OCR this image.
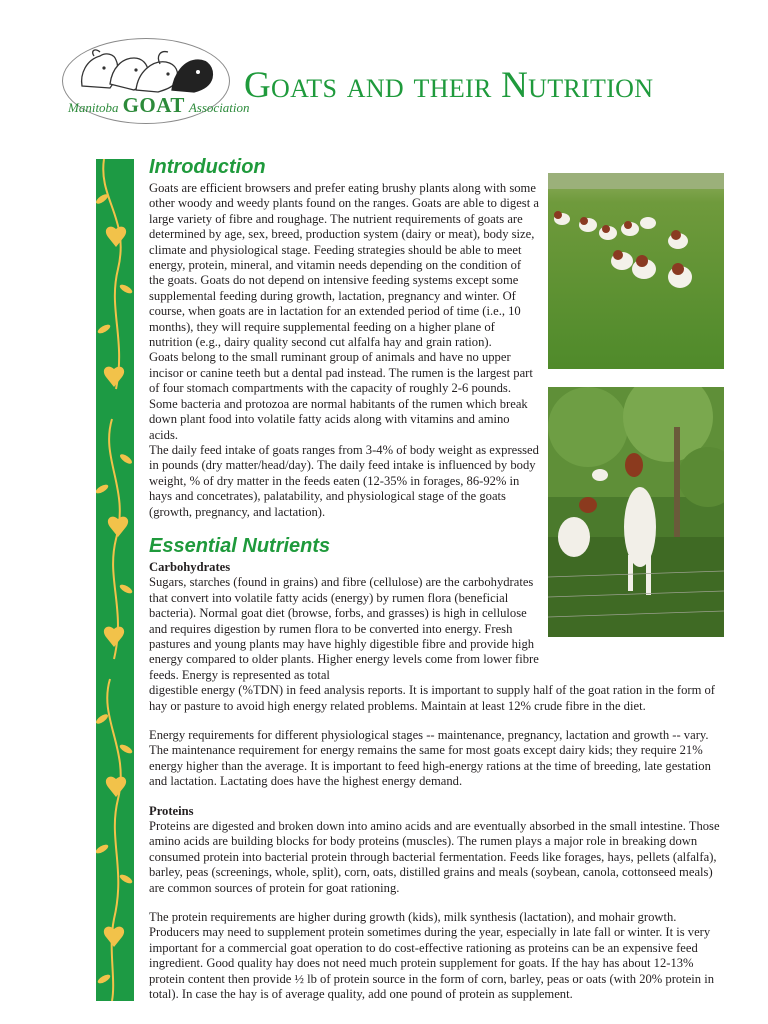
Manitoba GOAT Association
Goats and their Nutrition
Introduction

Goats are efficient browsers and prefer eating brushy plants along with some other woody and weedy plants found on the ranges. Goats are able to digest a large variety of fibre and roughage. The nutrient requirements of goats are determined by age, sex, breed, production system (dairy or meat), body size, climate and physiological stage. Feeding strategies should be able to meet energy, protein, mineral, and vitamin needs depending on the condition of the goats. Goats do not depend on intensive feeding systems except some supplemental feeding during growth, lactation, pregnancy and winter. Of course, when goats are in lactation for an extended period of time (i.e., 10 months), they will require supplemental feeding on a higher plane of nutrition (e.g., dairy quality second cut alfalfa hay and grain ration).

Goats belong to the small ruminant group of animals and have no upper incisor or canine teeth but a dental pad instead. The rumen is the largest part of four stomach compartments with the capacity of roughly 2-6 pounds. Some bacteria and protozoa are normal habitants of the rumen which break down plant food into volatile fatty acids along with vitamins and amino acids.

The daily feed intake of goats ranges from 3-4% of body weight as expressed in pounds (dry matter/head/day). The daily feed intake is influenced by body weight, % of dry matter in the feeds eaten (12-35% in forages, 86-92% in hays and concetrates), palatability, and physiological stage of the goats (growth, pregnancy, and lactation).

Essential Nutrients

Carbohydrates

Sugars, starches (found in grains) and fibre (cellulose) are the carbohydrates that convert into volatile fatty acids (energy) by rumen flora (beneficial bacteria). Normal goat diet (browse, forbs, and grasses) is high in cellulose and requires digestion by rumen flora to be converted into energy. Fresh pastures and young plants may have highly digestible fibre and provide high energy compared to older plants. Higher energy levels come from lower fibre feeds. Energy is represented as total

digestible energy (%TDN) in feed analysis reports. It is important to supply half of the goat ration in the form of hay or pasture to avoid high energy related problems. Maintain at least 12% crude fibre in the diet.

Energy requirements for different physiological stages -- maintenance, pregnancy, lactation and growth -- vary. The maintenance requirement for energy remains the same for most goats except dairy kids; they require 21% energy higher than the average. It is important to feed high-energy rations at the time of breeding, late gestation and lactation. Lactating does have the highest energy demand.

Proteins

Proteins are digested and broken down into amino acids and are eventually absorbed in the small intestine. Those amino acids are building blocks for body proteins (muscles). The rumen plays a major role in breaking down consumed protein into bacterial protein through bacterial fermentation. Feeds like forages, hays, pellets (alfalfa), barley, peas (screenings, whole, split), corn, oats, distilled grains and meals (soybean, canola, cottonseed meals) are common sources of protein for goat rationing.

The protein requirements are higher during growth (kids), milk synthesis (lactation), and mohair growth. Producers may need to supplement protein sometimes during the year, especially in late fall or winter. It is very important for a commercial goat operation to do cost-effective rationing as proteins can be an expensive feed ingredient. Good quality hay does not need much protein supplement for goats. If the hay has about 12-13% protein content then provide ½ lb of protein source in the form of corn, barley, peas or oats (with 20% protein in total). In case the hay is of average quality, add one pound of protein as supplement.
